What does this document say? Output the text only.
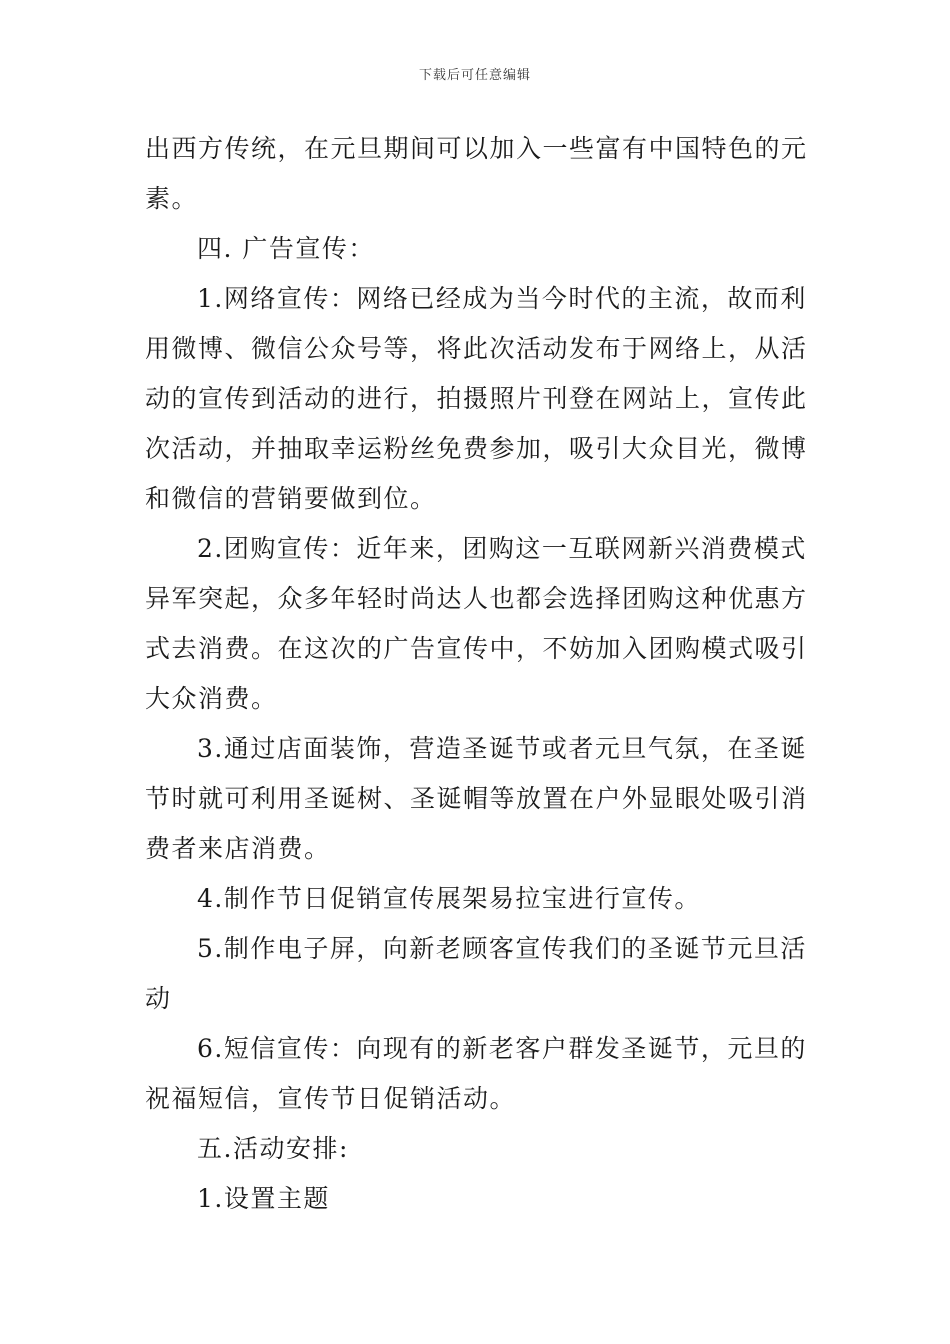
下载后可任意编辑
出西方传统，在元旦期间可以加入一些富有中国特色的元
素。
四. 广告宣传：
1.网络宣传：网络已经成为当今时代的主流，故而利
用微博、微信公众号等，将此次活动发布于网络上，从活
动的宣传到活动的进行，拍摄照片刊登在网站上，宣传此
次活动，并抽取幸运粉丝免费参加，吸引大众目光，微博
和微信的营销要做到位。
2.团购宣传：近年来，团购这一互联网新兴消费模式
异军突起，众多年轻时尚达人也都会选择团购这种优惠方
式去消费。在这次的广告宣传中，不妨加入团购模式吸引
大众消费。
3.通过店面装饰，营造圣诞节或者元旦气氛，在圣诞
节时就可利用圣诞树、圣诞帽等放置在户外显眼处吸引消
费者来店消费。
4.制作节日促销宣传展架易拉宝进行宣传。
5.制作电子屏，向新老顾客宣传我们的圣诞节元旦活
动
6.短信宣传：向现有的新老客户群发圣诞节，元旦的
祝福短信，宣传节日促销活动。
五.活动安排:
1.设置主题
